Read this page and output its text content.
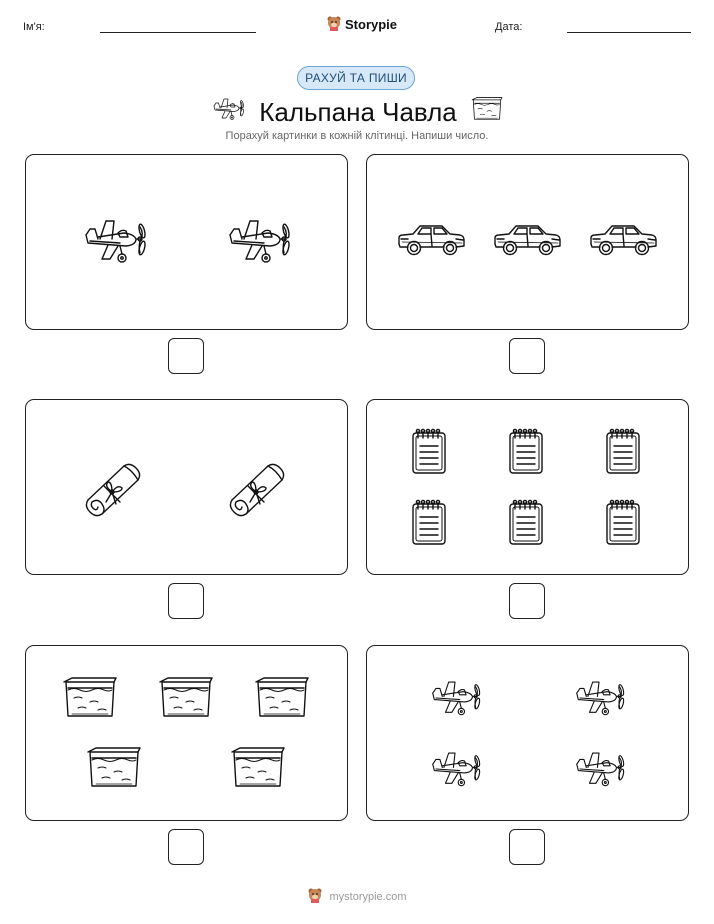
Ім'я:	Storypie	Дата:
РАХУЙ ТА ПИШИ
Кальпана Чавла
Порахуй картинки в кожній клітинці. Напиши число.
mystorypie.com
